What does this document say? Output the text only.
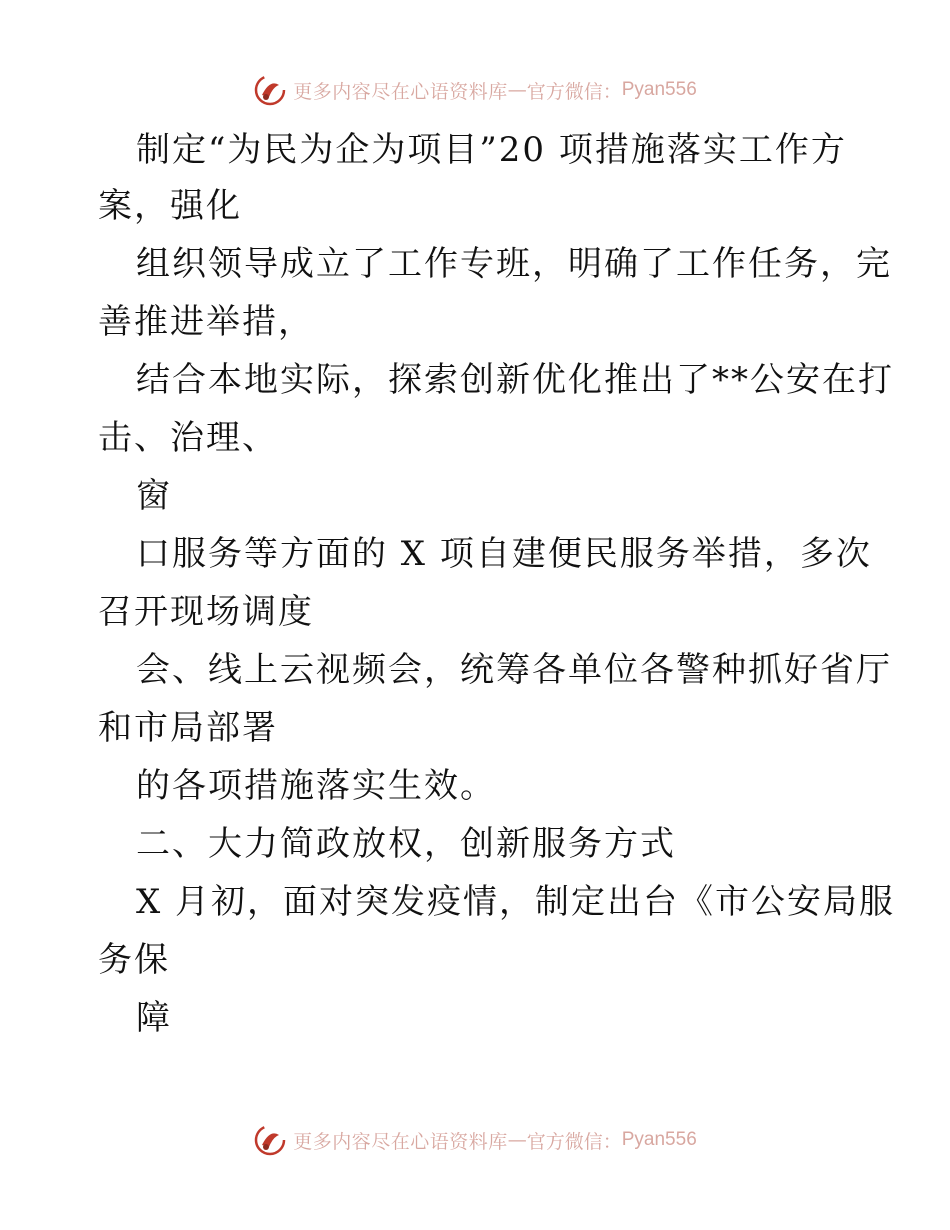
更多内容尽在心语资料库 — 官方微信： Pyan556
制定“为民为企为项目”20 项措施落实工作方
案，强化
组织领导成立了工作专班，明确了工作任务，完
善推进举措，
结合本地实际，探索创新优化推出了**公安在打
击、治理、
窗
口服务等方面的 X 项自建便民服务举措，多次
召开现场调度
会、线上云视频会，统筹各单位各警种抓好省厅
和市局部署
的各项措施落实生效。
二、大力简政放权，创新服务方式
X 月初，面对突发疫情，制定出台《市公安局服
务保
障
更多内容尽在心语资料库 — 官方微信： Pyan556
